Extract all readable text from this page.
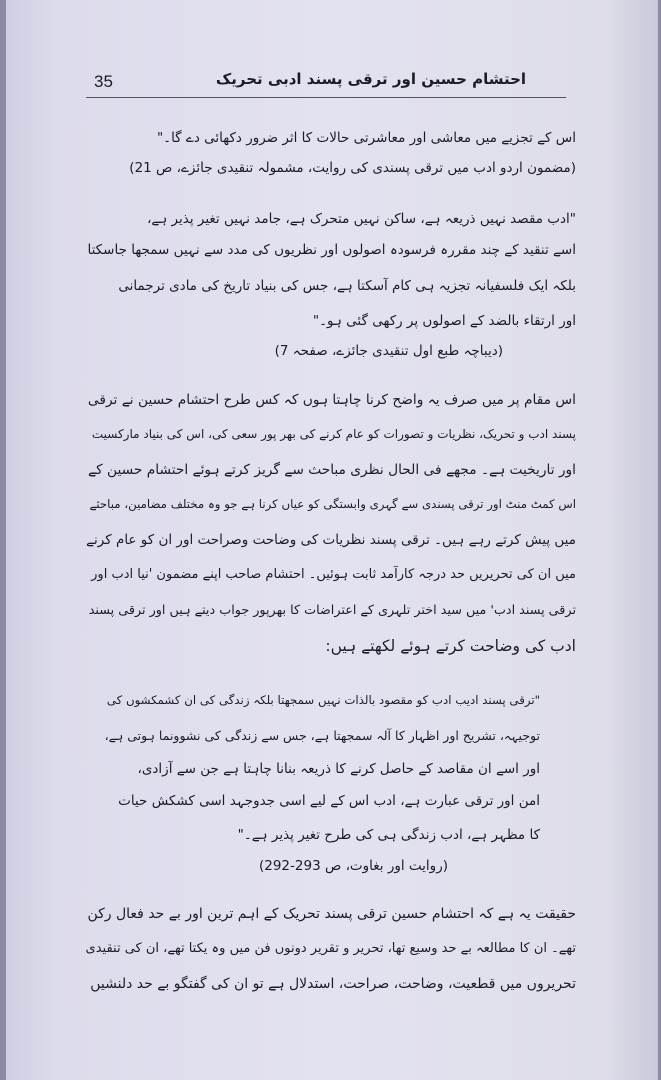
35	احتشام حسین اور ترقی پسند ادبی تحریک
اس کے تجزیے میں معاشی اور معاشرتی حالات کا اثر ضرور دکھائی دے گا۔"
(مضمون اردو ادب میں ترقی پسندی کی روایت، مشمولہ تنقیدی جائزے، ص 21)
"ادب مقصد نہیں ذریعہ ہے، ساکن نہیں متحرک ہے، جامد نہیں تغیر پذیر ہے،
اسے تنقید کے چند مقررہ فرسودہ اصولوں اور نظریوں کی مدد سے نہیں سمجھا جاسکتا
بلکہ ایک فلسفیانہ تجزیہ ہی کام آسکتا ہے، جس کی بنیاد تاریخ کی مادی ترجمانی
اور ارتقاء بالضد کے اصولوں پر رکھی گئی ہو۔"
(دیباچہ طبع اول تنقیدی جائزے، صفحہ 7)
اس مقام پر میں صرف یہ واضح کرنا چاہتا ہوں کہ کس طرح احتشام حسین نے ترقی
پسند ادب و تحریک، نظریات و تصورات کو عام کرنے کی بھر پور سعی کی، اس کی بنیاد مارکسیت
اور تاریخیت ہے۔ مجھے فی الحال نظری مباحث سے گریز کرتے ہوئے احتشام حسین کے
اس کمٹ منٹ اور ترقی پسندی سے گہری وابستگی کو عیاں کرنا ہے جو وہ مختلف مضامین، مباحثے
میں پیش کرتے رہے ہیں۔ ترقی پسند نظریات کی وضاحت وصراحت اور ان کو عام کرنے
میں ان کی تحریریں حد درجہ کارآمد ثابت ہوئیں۔ احتشام صاحب اپنے مضمون 'نیا ادب اور
ترقی پسند ادب' میں سید اختر تلہری کے اعتراضات کا بھرپور جواب دیتے ہیں اور ترقی پسند
ادب کی وضاحت کرتے ہوئے لکھتے ہیں:
"ترقی پسند ادیب ادب کو مقصود بالذات نہیں سمجھتا بلکہ زندگی کی ان کشمکشوں کی
توجیہہ، تشریح اور اظہار کا آلہ سمجھتا ہے، جس سے زندگی کی نشوونما ہوتی ہے،
اور اسے ان مقاصد کے حاصل کرنے کا ذریعہ بنانا چاہتا ہے جن سے آزادی،
امن اور ترقی عبارت ہے، ادب اس کے لیے اسی جدوجہد اسی کشکش حیات
کا مظہر ہے، ادب زندگی ہی کی طرح تغیر پذیر ہے۔"
(روایت اور بغاوت، ص 293-292)
حقیقت یہ ہے کہ احتشام حسین ترقی پسند تحریک کے اہم ترین اور بے حد فعال رکن
تھے۔ ان کا مطالعہ بے حد وسیع تھا، تحریر و تقریر دونوں فن میں وہ یکتا تھے، ان کی تنقیدی
تحریروں میں قطعیت، وضاحت، صراحت، استدلال ہے تو ان کی گفتگو بے حد دلنشیں
